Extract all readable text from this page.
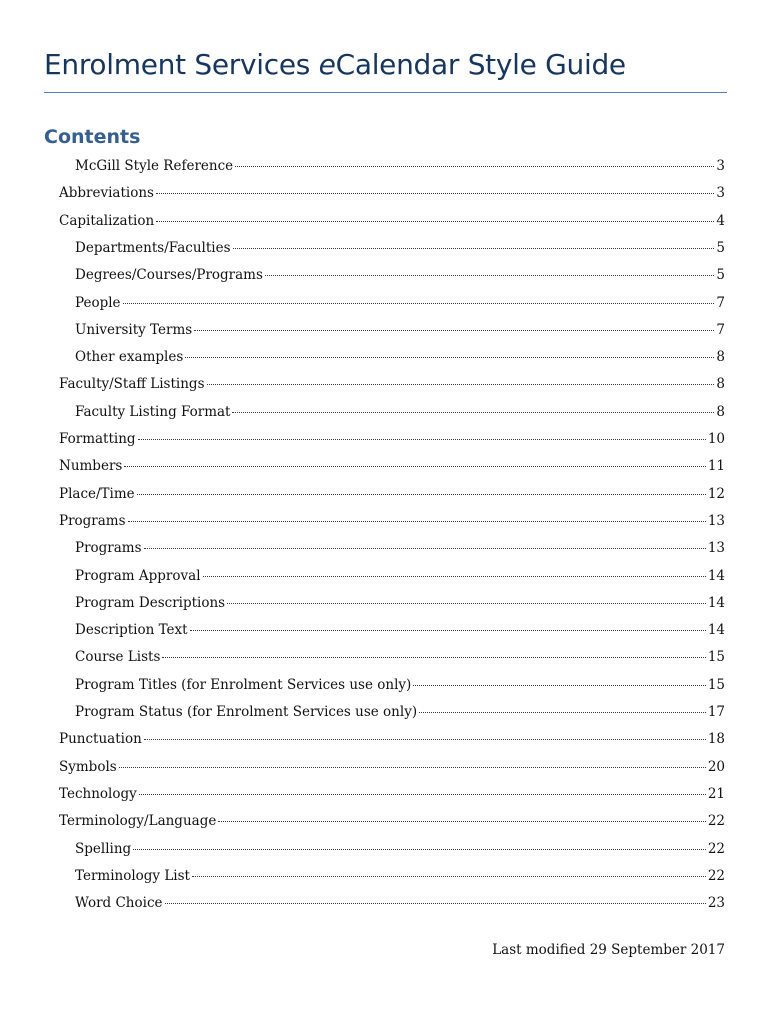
Enrolment Services eCalendar Style Guide
Contents
McGill Style Reference	3
Abbreviations	3
Capitalization	4
Departments/Faculties	5
Degrees/Courses/Programs	5
People	7
University Terms	7
Other examples	8
Faculty/Staff Listings	8
Faculty Listing Format	8
Formatting	10
Numbers	11
Place/Time	12
Programs	13
Programs	13
Program Approval	14
Program Descriptions	14
Description Text	14
Course Lists	15
Program Titles (for Enrolment Services use only)	15
Program Status (for Enrolment Services use only)	17
Punctuation	18
Symbols	20
Technology	21
Terminology/Language	22
Spelling	22
Terminology List	22
Word Choice	23
Last modified 29 September 2017
